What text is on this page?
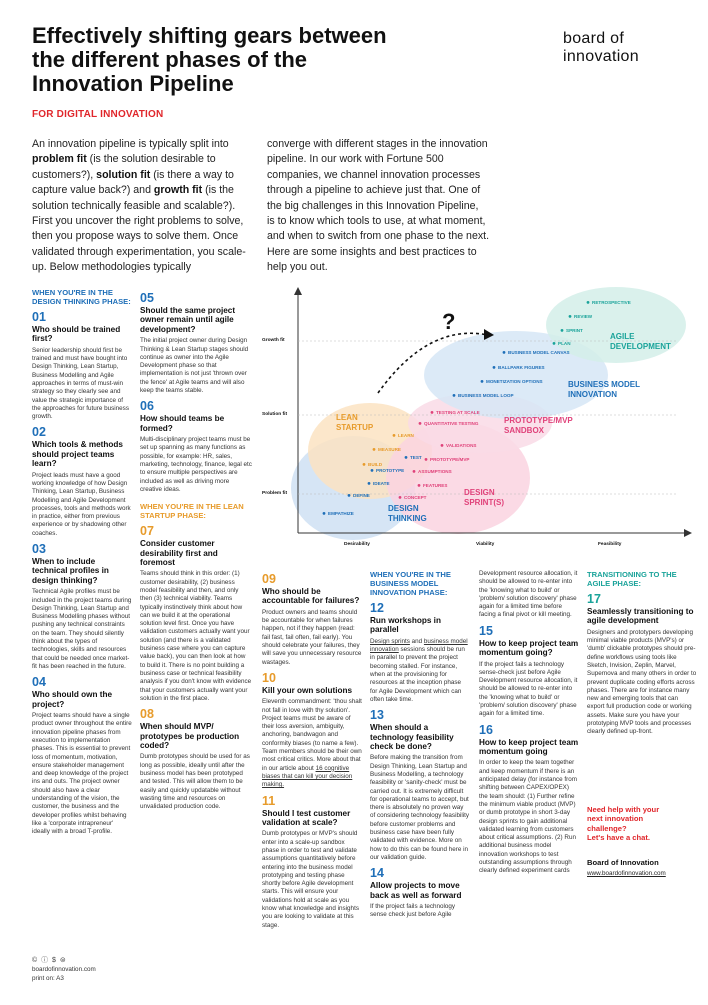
Effectively shifting gears between
the different phases of the
Innovation Pipeline
FOR DIGITAL INNOVATION
board of
innovation
An innovation pipeline is typically split into problem fit (is the solution desirable to customers?), solution fit (is there a way to capture value back?) and growth fit (is the solution technically feasible and scalable?). First you uncover the right problems to solve, then you propose ways to solve them. Once validated through experimentation, you scale-up. Below methodologies typically
converge with different stages in the innovation pipeline. In our work with Fortune 500 companies, we channel innovation processes through a pipeline to achieve just that. One of the big challenges in this Innovation Pipeline, is to know which tools to use, at what moment, and when to switch from one phase to the next. Here are some insights and best practices to help you out.
WHEN YOU'RE IN THE DESIGN THINKING PHASE:
01
Who should be trained first?
Senior leadership should first be trained and must have bought into Design Thinking, Lean Startup, Business Modelling and Agile approaches in terms of must-win strategy so they clearly see and value the strategic importance of the approaches for future business growth.
02
Which tools & methods should project teams learn?
Project leads must have a good working knowledge of how Design Thinking, Lean Startup, Business Modelling and Agile Development processes, tools and methods work in practice, either from previous experience or by shadowing other coaches.
03
When to include technical profiles in design thinking?
Technical Agile profiles must be included in the project teams during Design Thinking, Lean Startup and Business Modelling phases without pushing any technical constraints on the team. They should silently think about the types of technologies, skills and resources that could be needed once market-fit has been reached in the future.
04
Who should own the project?
Project teams should have a single product owner throughout the entire innovation pipeline phases from execution to implementation phases. This is essential to prevent loss of momentum, motivation, ensure stakeholder management and deep knowledge of the project ins and outs. The project owner should also have a clear understanding of the vision, the customer, the business and the developer profiles whilst behaving like a 'corporate intrapreneur' ideally with a broad T-profile.
05
Should the same project owner remain until agile development?
The initial project owner during Design Thinking & Lean Startup stages should continue as owner into the Agile Development phase so that implementation is not just 'thrown over the fence' at Agile teams and will also keep the teams stable.
06
How should teams be formed?
Multi-disciplinary project teams must be set up spanning as many functions as possible, for example: HR, sales, marketing, technology, finance, legal etc to ensure multiple perspectives are included as well as driving more creative ideas.
WHEN YOU'RE IN THE LEAN STARTUP PHASE:
07
Consider customer desirability first and foremost
Teams should think in this order: (1) customer desirability, (2) business model feasibility and then, and only then (3) technical viability. Teams typically instinctively think about how can we build it at the operational solution level first. Once you have validation customers actually want your solution (and there is a validated business case where you can capture value back), you can then look at how to build it. There is no point building a business case or technical feasibility analysis if you don't know with evidence that your customers actually want your solution in the first place.
08
When should MVP/ prototypes be production coded?
Dumb prototypes should be used for as long as possible, ideally until after the business model has been prototyped and tested. This will allow them to be easily and quickly updatable without wasting time and resources on unvalidated production code.
Growth fit
Solution fit
Problem fit
Desirability	Viability	Feasibility
?
DESIGN
THINKING
EMPATHIZE
DEFINE
IDEATE
PROTOTYPE
TEST
LEAN
STARTUP
BUILD
MEASURE
LEARN
DESIGN
SPRINT(S)
CONCEPT
FEATURES
ASSUMPTIONS
PROTOTYPE/MVP
VALIDATIONS
PROTOTYPE/MVP
SANDBOX
QUANTITATIVE TESTING
TESTING AT SCALE
BUSINESS MODEL
INNOVATION
BUSINESS MODEL LOOP
MONETIZATION OPTIONS
BALLPARK FIGURES
BUSINESS MODEL CANVAS
AGILE
DEVELOPMENT
PLAN
SPRINT
REVIEW
RETROSPECTIVE
09
Who should be accountable for failures?
Product owners and teams should be accountable for when failures happen, not if they happen (read: fail fast, fail often, fail early). You should celebrate your failures, they will save you unnecessary resource wastages.
10
Kill your own solutions
Eleventh commandment: 'thou shalt not fall in love with thy solution'. Project teams must be aware of their loss aversion, ambiguity, anchoring, bandwagon and conformity biases (to name a few). Team members should be their own most critical critics. More about that in our article about 16 cognitive biases that can kill your decision making.
11
Should I test customer validation at scale?
Dumb prototypes or MVP's should enter into a scale-up sandbox phase in order to test and validate assumptions quantitatively before entering into the business model prototyping and testing phase shortly before Agile development starts. This will ensure your validations hold at scale as you know what knowledge and insights you are looking to validate at this stage.
WHEN YOU'RE IN THE BUSINESS MODEL INNOVATION PHASE:
12
Run workshops in parallel
Design sprints and business model innovation sessions should be run in parallel to prevent the project becoming stalled. For instance, when at the provisioning for resources at the inception phase for Agile Development which can often take time.
13
When should a technology feasibility check be done?
Before making the transition from Design Thinking, Lean Startup and Business Modelling, a technology feasibility or 'sanity-check' must be carried out. It is extremely difficult for operational teams to accept, but there is absolutely no proven way of considering technology feasibility before customer problems and business case have been fully validated with evidence. More on how to do this can be found here in our validation guide.
14
Allow projects to move back as well as forward
If the project fails a technology sense check just before Agile
Development resource allocation, it should be allowed to re-enter into the 'knowing what to build' or 'problem/ solution discovery' phase again for a limited time before facing a final pivot or kill meeting.
15
How to keep project team momentum going?
If the project fails a technology sense-check just before Agile Development resource allocation, it should be allowed to re-enter into the 'knowing what to build' or 'problem/ solution discovery' phase again for a limited time.
16
How to keep project team momentum going
In order to keep the team together and keep momentum if there is an anticipated delay (for instance from shifting between CAPEX/OPEX) the team should: (1) Further refine the minimum viable product (MVP) or dumb prototype in short 3-day design sprints to gain additional validated learning from customers about critical assumptions. (2) Run additional business model innovation workshops to test outstanding assumptions through clearly defined experiment cards
TRANSITIONING TO THE AGILE PHASE:
17
Seamlessly transitioning to agile development
Designers and prototypers developing minimal viable products (MVP's) or 'dumb' clickable prototypes should pre-define workflows using tools like Sketch, Invision, Zeplin, Marvel, Supernova and many others in order to prevent duplicate coding efforts across phases. There are for instance many new and emerging tools that can export full production code or working assets. Make sure you have your prototyping MVP tools and processes clearly defined up-front.
Need help with your
next innovation
challenge?
Let's have a chat.
Board of Innovation
www.boardofinnovation.com
© ⓘ $ ⊜
boardofinnovation.com
print on: A3
